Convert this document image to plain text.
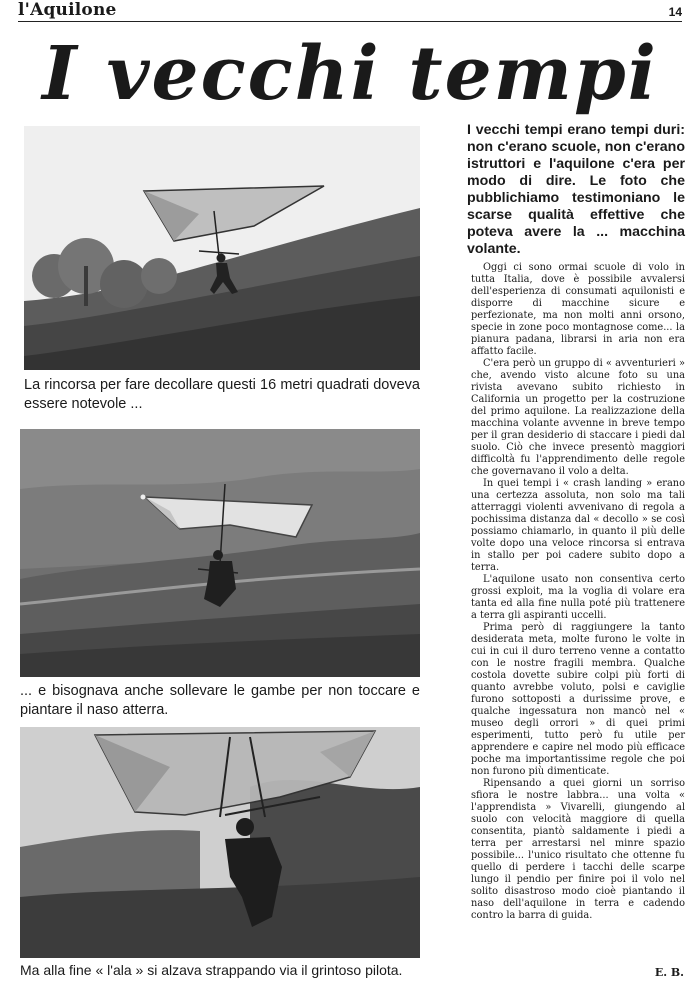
l'Aquilone	14
I vecchi tempi

La rincorsa per fare decollare questi 16 metri quadrati doveva essere notevole ...

... e bisognava anche sollevare le gambe per non toccare e piantare il naso atterra.

Ma alla fine « l'ala » si alzava strappando via il grintoso pilota.

I vecchi tempi erano tempi duri: non c'erano scuole, non c'erano istruttori e l'aquilone c'era per modo di dire. Le foto che pubblichiamo testimoniano le scarse qualità effettive che poteva avere la ... macchina volante.

Oggi ci sono ormai scuole di volo in tutta Italia, dove è possibile avvalersi dell'esperienza di consumati aquilonisti e disporre di macchine sicure e perfezionate, ma non molti anni orsono, specie in zone poco montagnose come... la pianura padana, librarsi in aria non era affatto facile.

C'era però un gruppo di « avventurieri » che, avendo visto alcune foto su una rivista avevano subito richiesto in California un progetto per la costruzione del primo aquilone. La realizzazione della macchina volante avvenne in breve tempo per il gran desiderio di staccare i piedi dal suolo. Ciò che invece presentò maggiori difficoltà fu l'apprendimento delle regole che governavano il volo a delta.

In quei tempi i « crash landing » erano una certezza assoluta, non solo ma tali atterraggi violenti avvenivano di regola a pochissima distanza dal « decollo » se così possiamo chiamarlo, in quanto il più delle volte dopo una veloce rincorsa si entrava in stallo per poi cadere subito dopo a terra.

L'aquilone usato non consentiva certo grossi exploit, ma la voglia di volare era tanta ed alla fine nulla poté più trattenere a terra gli aspiranti uccelli.

Prima però di raggiungere la tanto desiderata meta, molte furono le volte in cui in cui il duro terreno venne a contatto con le nostre fragili membra. Qualche costola dovette subire colpi più forti di quanto avrebbe voluto, polsi e caviglie furono sottoposti a durissime prove, e qualche ingessatura non mancò nel « museo degli orrori » di quei primi esperimenti, tutto però fu utile per apprendere e capire nel modo più efficace poche ma importantissime regole che poi non furono più dimenticate.

Ripensando a quei giorni un sorriso sfiora le nostre labbra... una volta « l'apprendista » Vivarelli, giungendo al suolo con velocità maggiore di quella consentita, piantò saldamente i piedi a terra per arrestarsi nel minre spazio possibile... l'unico risultato che ottenne fu quello di perdere i tacchi delle scarpe lungo il pendio per finire poi il volo nel solito disastroso modo cioè piantando il naso dell'aquilone in terra e cadendo contro la barra di guida.

E. B.
